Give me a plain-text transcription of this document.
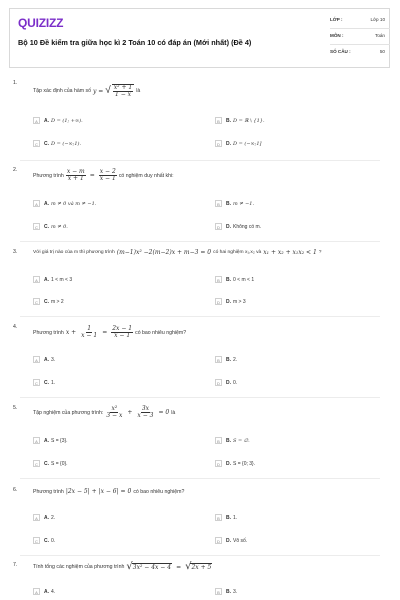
QUIZIZZ
Bộ 10 Đề kiểm tra giữa học kì 2 Toán 10 có đáp án (Mới nhất) (Đề 4)
LỚP :	Lớp 10
MÔN :	Toán
SỐ CÂU :	50
1.
Tập xác định của hàm số y = √ $\frac{\text{x² + 1}}{1 - x}$ là
A	A. D = (1; +∞).	B	B. D = ℝ \ {1}.
C	C. D = (−∞;1).	D	D. D = (−∞;1]
2.
Phương trình $\frac{x - m}{x + 1} = \frac{x - 2}{x - 1}$ có nghiệm duy nhất khi:
A	A. m ≠ 0 và m ≠ −1.	B	B. m ≠ −1.
C	C. m ≠ 0.	D	D. Không có m.
3.	Với giá trị nào của m thì phương trình (m−1)x² −2(m−2)x + m−3 = 0 có hai nghiệm x₁,x₂ và x₁ + x₂ + x₁x₂ < 1 ?
A	A. 1 < m < 3	B	B. 0 < m < 1
C	C. m > 2	D	D. m > 3
4.
Phương trình $x + \frac{1}{x - 1} = \frac{2x - 1}{x - 1}$ có bao nhiêu nghiệm?
A	A. 3.	B	B. 2.
C	C. 1.	D	D. 0.
5.
Tập nghiệm của phương trình: $\frac{\text{x²}}{3 - x} + \frac{3x}{x - 3} = 0$ là
A	A. S = {3}.	B	B. S = ∅.
C	C. S = {0}.	D	D. S = {0; 3}.
6.	Phương trình |2x − 5| + |x − 6| = 0 có bao nhiêu nghiệm?
A	A. 2.	B	B. 1.
C	C. 0.	D	D. Vô số.
7.	Tính tổng các nghiệm của phương trình √ 3x² − 4x − 4 = √ 2x + 5
A	A. 4.	B	B. 3.
